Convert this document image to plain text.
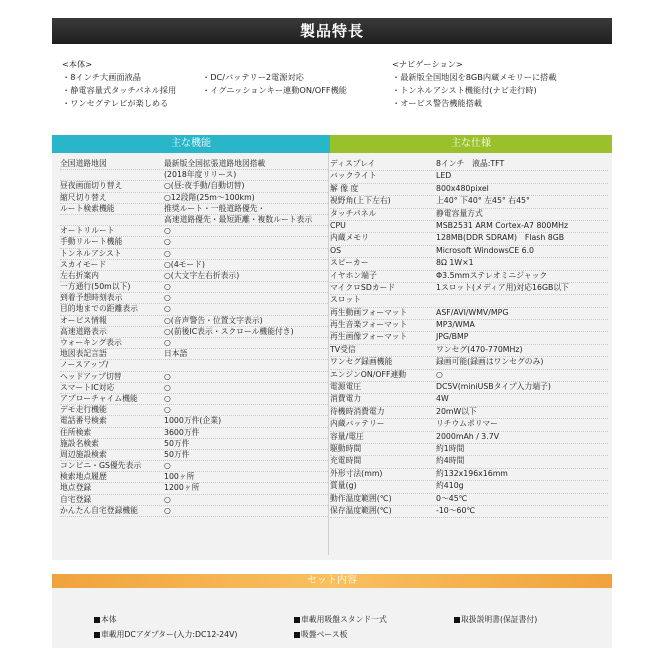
製品特長
<本体>
・8インチ大画面液晶
・静電容量式タッチパネル採用
・ワンセグテレビが楽しめる
・DC/バッテリー2電源対応
・イグニッションキー連動ON/OFF機能
<ナビゲーション>
・最新版全国地図を8GB内蔵メモリーに搭載
・トンネルアシスト機能付(ナビ走行時)
・オービス警告機能搭載
主な機能	主な仕様
全国道路地図	最新版全国拡張道路地図搭載
(2018年度リリース)
昼夜画面切り替え	○(昼:夜手動/自動切替)
縮尺切り替え	○12段階(25m～100km)
ルート検索機能	推奨ルート・一般道路優先・
高速道路優先・最短距離・複数ルート表示
オートリルート	○
手動リルート機能	○
トンネルアシスト	○
スカイモード	○(4モード)
左右折案内	○(大文字左右折表示)
一方通行(50m以下)	○
到着予想時刻表示	○
目的地までの距離表示	○
オービス情報	○(音声警告・位置文字表示)
高速道路表示	○(前後IC表示・スクロール機能付き)
ウォーキング表示	○
地図表記言語	日本語
ノースアップ/
ヘッドアップ切替	○
スマートIC対応	○
アプローチャイム機能	○
デモ走行機能	○
電話番号検索	1000万件(企業)
住所検索	3600万件
施設名検索	50万件
周辺施設検索	50万件
コンビニ・GS優先表示	○
検索地点履歴	100ヶ所
地点登録	1200ヶ所
自宅登録	○
かんたん自宅登録機能	○
ディスプレイ	8インチ　液晶:TFT
バックライト	LED
解 像 度	800x480pixel
視野角(上下左右)	上40° 下40° 左45° 右45°
タッチパネル	静電容量方式
CPU	MSB2531 ARM Cortex-A7 800MHz
内蔵メモリ	128MB(DDR SDRAM)　Flash 8GB
OS	Microsoft WindowsCE 6.0
スピーカー	8Ω 1W×1
イヤホン端子	Φ3.5mmステレオミニジャック
マイクロSDカード	1スロット(メディア用)対応16GB以下
スロット
再生動画フォーマット	ASF/AVI/WMV/MPG
再生音楽フォーマット	MP3/WMA
再生画像フォーマット	JPG/BMP
TV受信	ワンセグ(470-770MHz)
ワンセグ録画機能	録画可能(録画はワンセグのみ)
エンジンON/OFF連動	○
電源電圧	DC5V(miniUSBタイプ入力端子)
消費電力	4W
待機時消費電力	20mW以下
内蔵バッテリー	リチウムポリマー
容量/電圧	2000mAh / 3.7V
駆動時間	約1時間
充電時間	約4時間
外形寸法(mm)	約132x196x16mm
質量(g)	約410g
動作温度範囲(℃)	0～45℃
保存温度範囲(℃)	-10～60℃
セット内容
本体	車載用吸盤スタンド一式	取扱説明書(保証書付)
車載用DCアダプター(入力:DC12-24V)	吸盤ベース板
